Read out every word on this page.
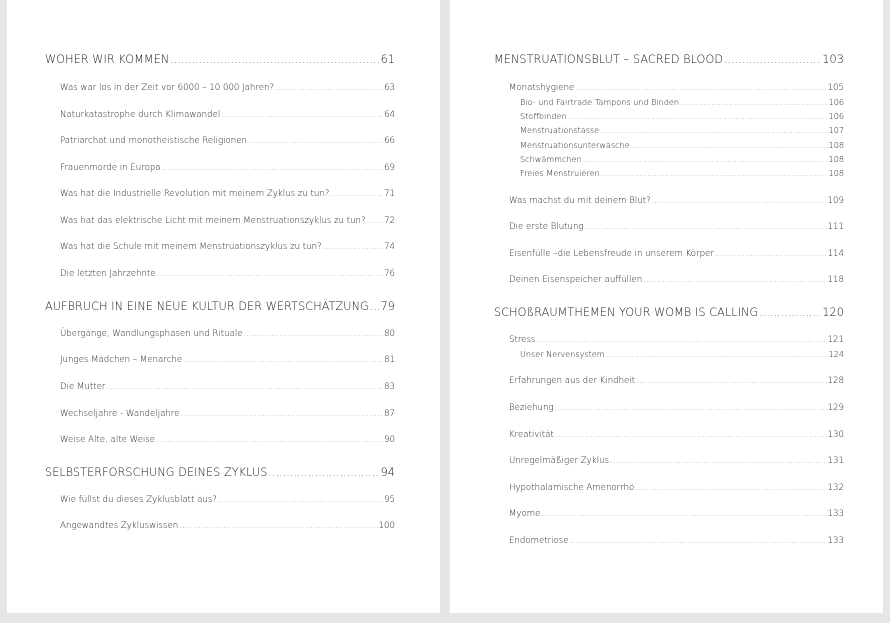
WOHER WIR KOMMEN .....	61
Was war los in der Zeit vor 6000 – 10 000 Jahren? .....	63
Naturkatastrophe durch Klimawandel .....	64
Patriarchat und monotheistische Religionen .....	66
Frauenmorde in Europa .....	69
Was hat die Industrielle Revolution mit meinem Zyklus zu tun? .....	71
Was hat das elektrische Licht mit meinem Menstruationszyklus zu tun? ..... 72
Was hat die Schule mit meinem Menstruationszyklus zu tun? .....	74
Die letzten Jahrzehnte .....	76
AUFBRUCH IN EINE NEUE KULTUR DER WERTSCHÄTZUNG ..... 79
Übergänge, Wandlungsphasen und Rituale .....	80
Junges Mädchen – Menarche .....	81
Die Mutter .....	83
Wechseljahre - Wandeljahre .....	87
Weise Alte, alte Weise .....	90
SELBSTERFORSCHUNG DEINES ZYKLUS .....	94
Wie füllst du dieses Zyklusblatt aus? .....	95
Angewandtes Zykluswissen .....	100
MENSTRUATIONSBLUT – SACRED BLOOD .....	103
Monatshygiene .....	105
Bio- und Fairtrade Tampons und Binden .....	106
Stoffbinden .....	106
Menstruationstasse .....	107
Menstruationsunterwäsche .....	108
Schwämmchen .....	108
Freies Menstruieren .....	108
Was machst du mit deinem Blut? .....	109
Die erste Blutung .....	111
Eisenfülle –die Lebensfreude in unserem Körper .....	114
Deinen Eisenspeicher auffüllen .....	118
SCHOßRAUMTHEMEN YOUR WOMB IS CALLING .....	120
Stress .....	121
Unser Nervensystem .....	124
Erfahrungen aus der Kindheit .....	128
Beziehung .....	129
Kreativität .....	130
Unregelmäßiger Zyklus .....	131
Hypothalamische Amenorrhö .....	132
Myome .....	133
Endometriose .....	133
